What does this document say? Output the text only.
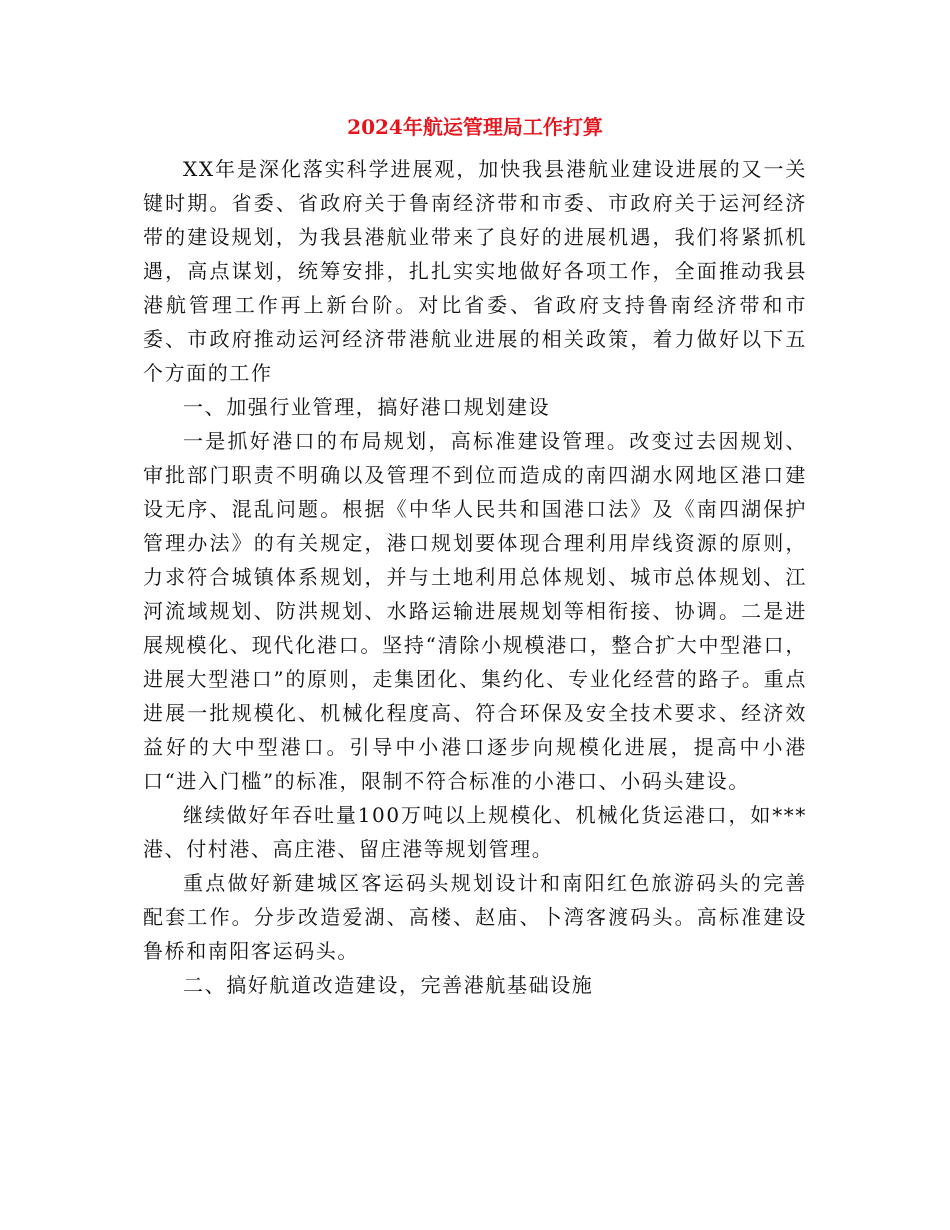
2024年航运管理局工作打算

XX年是深化落实科学进展观，加快我县港航业建设进展的又一关键时期。省委、省政府关于鲁南经济带和市委、市政府关于运河经济带的建设规划，为我县港航业带来了良好的进展机遇，我们将紧抓机遇，高点谋划，统筹安排，扎扎实实地做好各项工作，全面推动我县港航管理工作再上新台阶。对比省委、省政府支持鲁南经济带和市委、市政府推动运河经济带港航业进展的相关政策，着力做好以下五个方面的工作

一、加强行业管理，搞好港口规划建设

一是抓好港口的布局规划，高标准建设管理。改变过去因规划、审批部门职责不明确以及管理不到位而造成的南四湖水网地区港口建设无序、混乱问题。根据《中华人民共和国港口法》及《南四湖保护管理办法》的有关规定，港口规划要体现合理利用岸线资源的原则，力求符合城镇体系规划，并与土地利用总体规划、城市总体规划、江河流域规划、防洪规划、水路运输进展规划等相衔接、协调。二是进展规模化、现代化港口。坚持“清除小规模港口，整合扩大中型港口，进展大型港口”的原则，走集团化、集约化、专业化经营的路子。重点进展一批规模化、机械化程度高、符合环保及安全技术要求、经济效益好的大中型港口。引导中小港口逐步向规模化进展，提高中小港口“进入门槛”的标准，限制不符合标准的小港口、小码头建设。

继续做好年吞吐量100万吨以上规模化、机械化货运港口，如***港、付村港、高庄港、留庄港等规划管理。

重点做好新建城区客运码头规划设计和南阳红色旅游码头的完善配套工作。分步改造爱湖、高楼、赵庙、卜湾客渡码头。高标准建设鲁桥和南阳客运码头。

二、搞好航道改造建设，完善港航基础设施
